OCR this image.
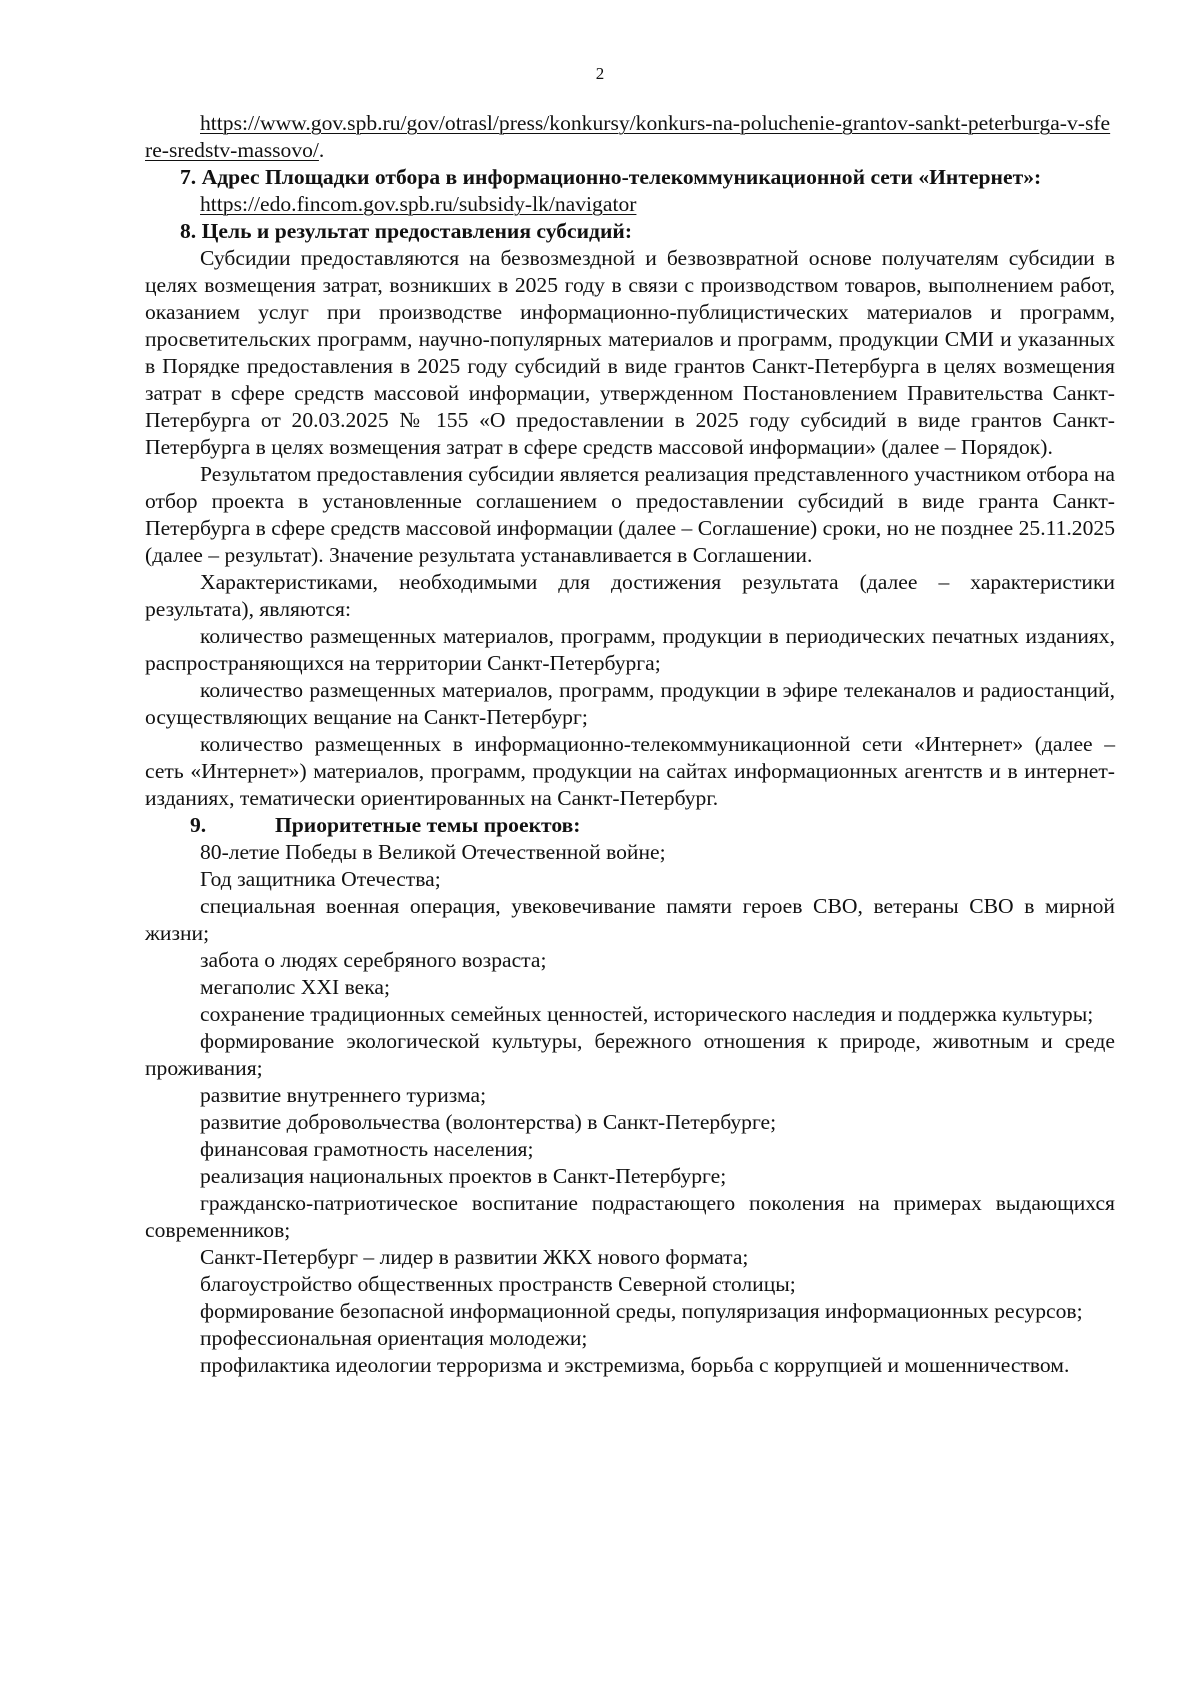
2

https://www.gov.spb.ru/gov/otrasl/press/konkursy/konkurs-na-poluchenie-grantov-sankt-peterburga-v-sfere-sredstv-massovo/.

7. Адрес Площадки отбора в информационно-телекоммуникационной сети «Интернет»:

https://edo.fincom.gov.spb.ru/subsidy-lk/navigator

8. Цель и результат предоставления субсидий:

Субсидии предоставляются на безвозмездной и безвозвратной основе получателям субсидии в целях возмещения затрат, возникших в 2025 году в связи с производством товаров, выполнением работ, оказанием услуг при производстве информационно-публицистических материалов и программ, просветительских программ, научно-популярных материалов и программ, продукции СМИ и указанных в Порядке предоставления в 2025 году субсидий в виде грантов Санкт-Петербурга в целях возмещения затрат в сфере средств массовой информации, утвержденном Постановлением Правительства Санкт-Петербурга от 20.03.2025 № 155 «О предоставлении в 2025 году субсидий в виде грантов Санкт-Петербурга в целях возмещения затрат в сфере средств массовой информации» (далее – Порядок).

Результатом предоставления субсидии является реализация представленного участником отбора на отбор проекта в установленные соглашением о предоставлении субсидий в виде гранта Санкт-Петербурга в сфере средств массовой информации (далее – Соглашение) сроки, но не позднее 25.11.2025 (далее – результат). Значение результата устанавливается в Соглашении.

Характеристиками, необходимыми для достижения результата (далее – характеристики результата), являются:

количество размещенных материалов, программ, продукции в периодических печатных изданиях, распространяющихся на территории Санкт-Петербурга;

количество размещенных материалов, программ, продукции в эфире телеканалов и радиостанций, осуществляющих вещание на Санкт-Петербург;

количество размещенных в информационно-телекоммуникационной сети «Интернет» (далее – сеть «Интернет») материалов, программ, продукции на сайтах информационных агентств и в интернет-изданиях, тематически ориентированных на Санкт-Петербург.

9.	Приоритетные темы проектов:

80-летие Победы в Великой Отечественной войне;

Год защитника Отечества;

специальная военная операция, увековечивание памяти героев СВО, ветераны СВО в мирной жизни;

забота о людях серебряного возраста;

мегаполис XXI века;

сохранение традиционных семейных ценностей, исторического наследия и поддержка культуры;

формирование экологической культуры, бережного отношения к природе, животным и среде проживания;

развитие внутреннего туризма;

развитие добровольчества (волонтерства) в Санкт-Петербурге;

финансовая грамотность населения;

реализация национальных проектов в Санкт-Петербурге;

гражданско-патриотическое воспитание подрастающего поколения на примерах выдающихся современников;

Санкт-Петербург – лидер в развитии ЖКХ нового формата;

благоустройство общественных пространств Северной столицы;

формирование безопасной информационной среды, популяризация информационных ресурсов;

профессиональная ориентация молодежи;

профилактика идеологии терроризма и экстремизма, борьба с коррупцией и мошенничеством.
